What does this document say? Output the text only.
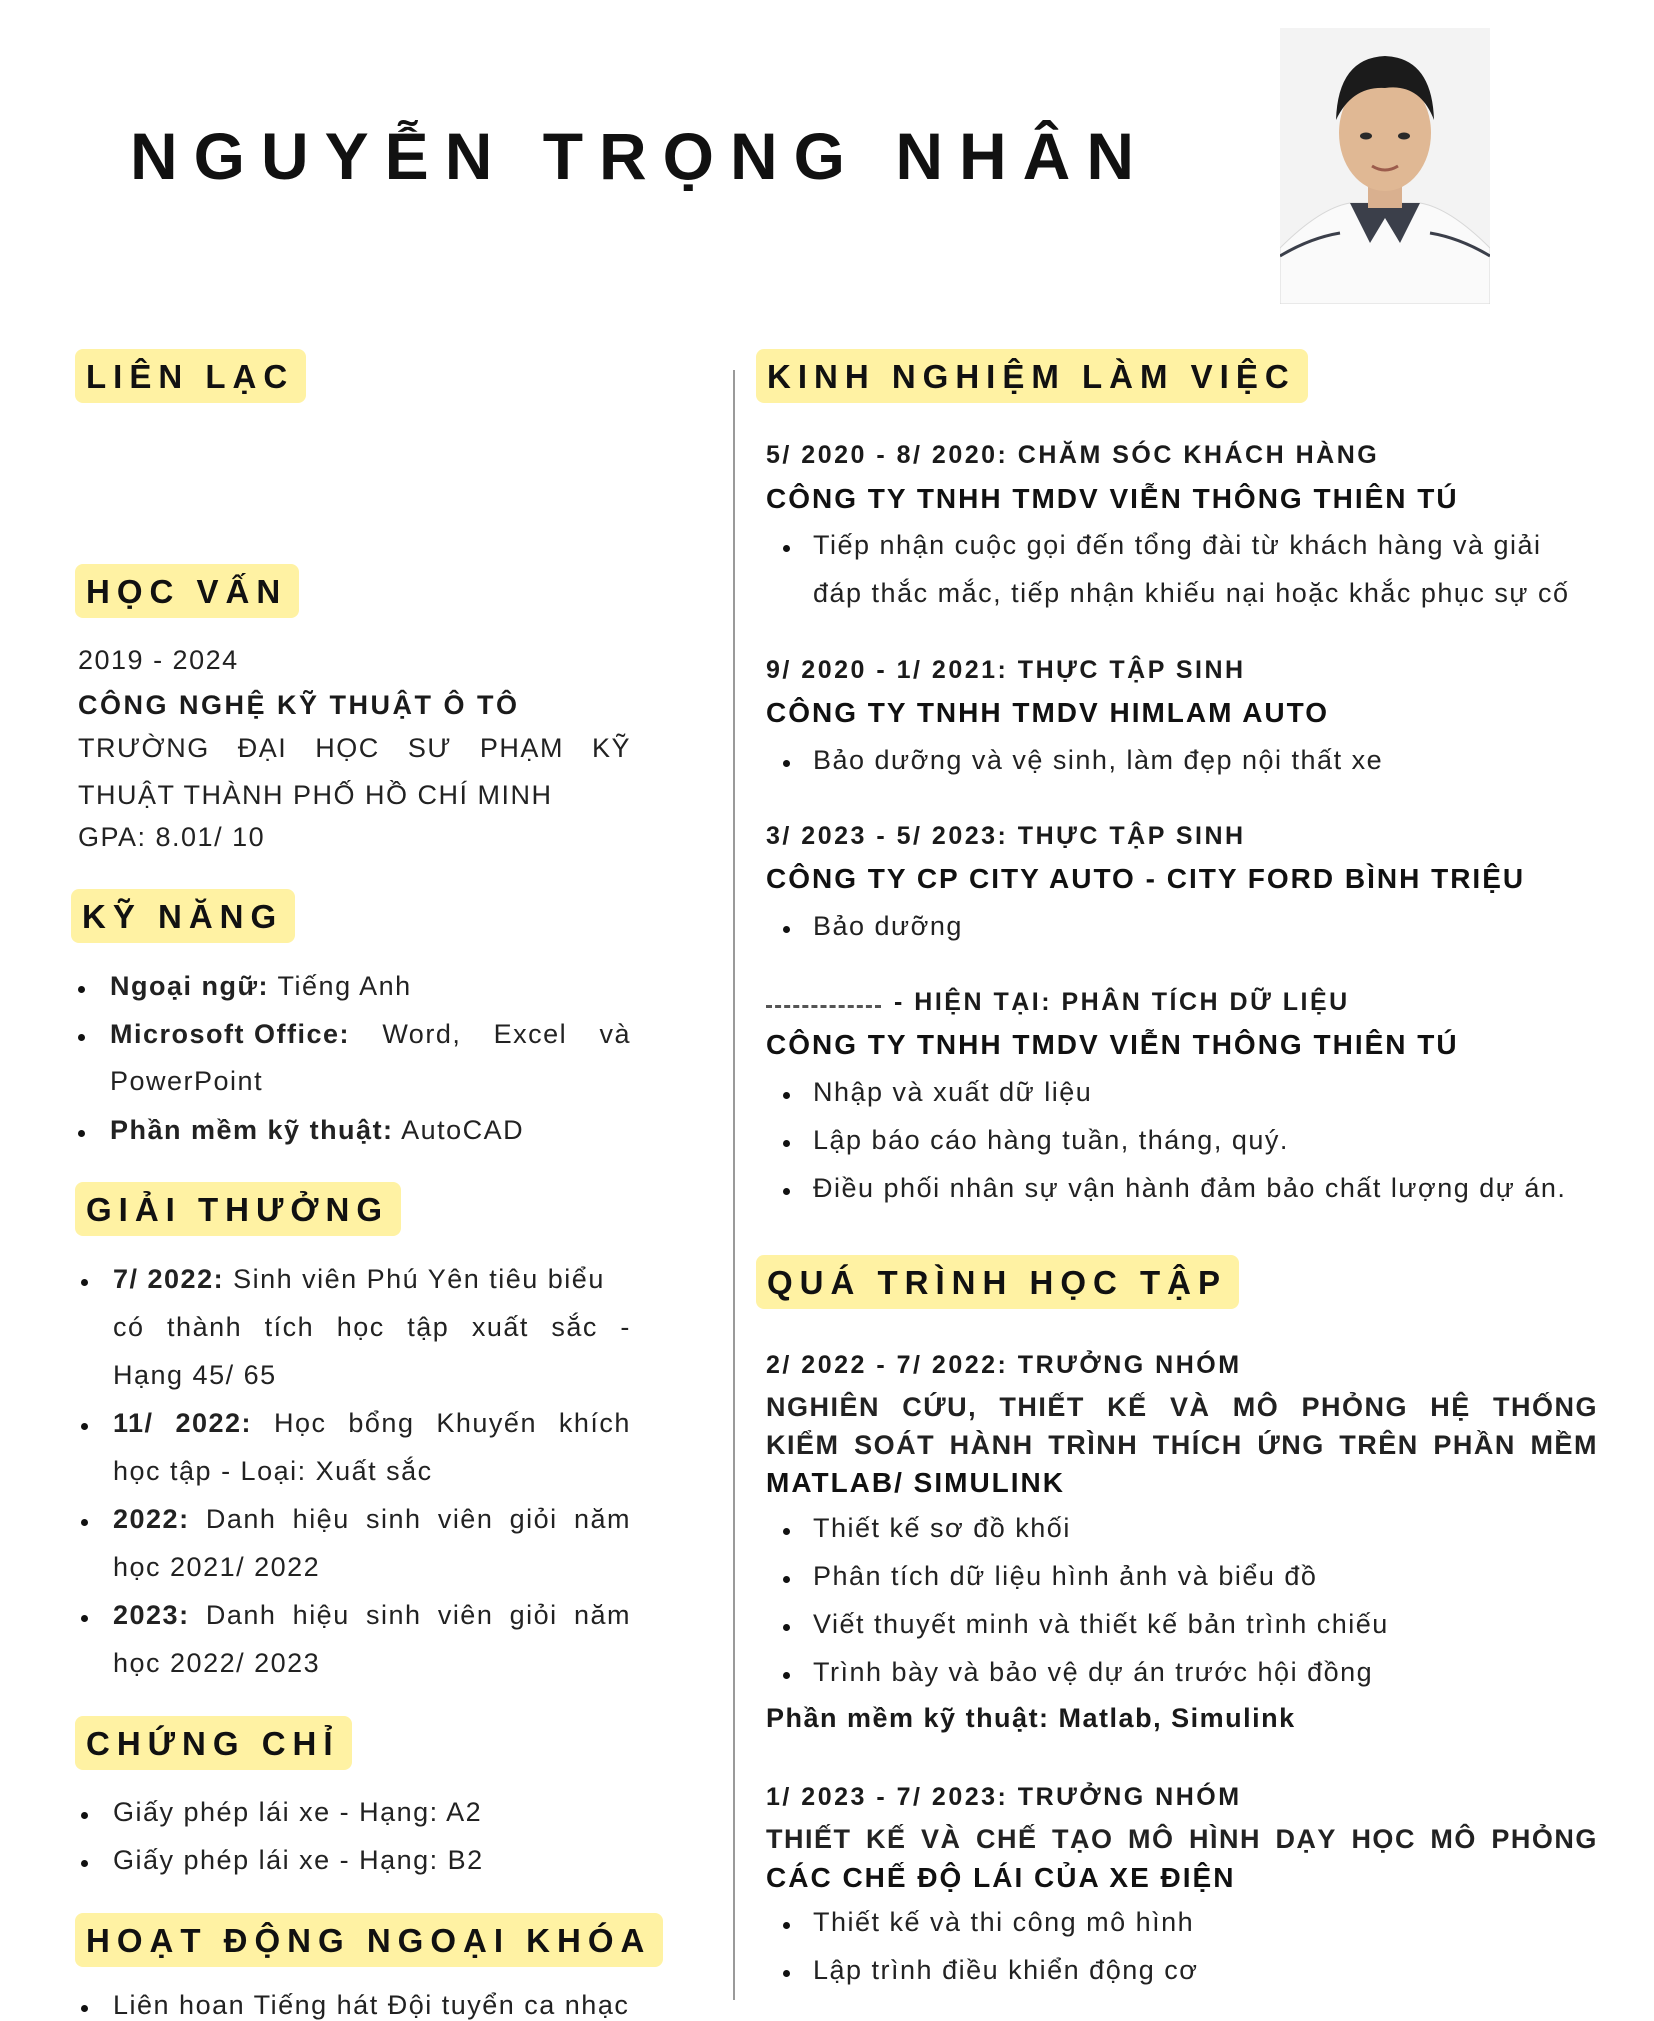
NGUYỄN TRỌNG NHÂN
LIÊN LẠC
HỌC VẤN
2019 - 2024
CÔNG NGHỆ KỸ THUẬT Ô TÔ
TRƯỜNG ĐẠI HỌC SƯ PHẠM KỸ
THUẬT THÀNH PHỐ HỒ CHÍ MINH
GPA: 8.01/ 10
KỸ NĂNG
Ngoại ngữ: Tiếng Anh
Microsoft Office: Word, Excel và
PowerPoint
Phần mềm kỹ thuật: AutoCAD
GIẢI THƯỞNG
7/ 2022: Sinh viên Phú Yên tiêu biểu
có thành tích học tập xuất sắc -
Hạng 45/ 65
11/ 2022: Học bổng Khuyến khích
học tập - Loại: Xuất sắc
2022: Danh hiệu sinh viên giỏi năm
học 2021/ 2022
2023: Danh hiệu sinh viên giỏi năm
học 2022/ 2023
CHỨNG CHỈ
Giấy phép lái xe - Hạng: A2
Giấy phép lái xe - Hạng: B2
HOẠT ĐỘNG NGOẠI KHÓA
Liên hoan Tiếng hát Đội tuyển ca nhạc
KINH NGHIỆM LÀM VIỆC
5/ 2020 - 8/ 2020: CHĂM SÓC KHÁCH HÀNG
CÔNG TY TNHH TMDV VIỄN THÔNG THIÊN TÚ
Tiếp nhận cuộc gọi đến tổng đài từ khách hàng và giải
đáp thắc mắc, tiếp nhận khiếu nại hoặc khắc phục sự cố
9/ 2020 - 1/ 2021: THỰC TẬP SINH
CÔNG TY TNHH TMDV HIMLAM AUTO
Bảo dưỡng và vệ sinh, làm đẹp nội thất xe
3/ 2023 - 5/ 2023: THỰC TẬP SINH
CÔNG TY CP CITY AUTO - CITY FORD BÌNH TRIỆU
Bảo dưỡng
- HIỆN TẠI: PHÂN TÍCH DỮ LIỆU
CÔNG TY TNHH TMDV VIỄN THÔNG THIÊN TÚ
Nhập và xuất dữ liệu
Lập báo cáo hàng tuần, tháng, quý.
Điều phối nhân sự vận hành đảm bảo chất lượng dự án.
QUÁ TRÌNH HỌC TẬP
2/ 2022 - 7/ 2022: TRƯỞNG NHÓM
NGHIÊN CỨU, THIẾT KẾ VÀ MÔ PHỎNG HỆ THỐNG
KIỂM SOÁT HÀNH TRÌNH THÍCH ỨNG TRÊN PHẦN MỀM
MATLAB/ SIMULINK
Thiết kế sơ đồ khối
Phân tích dữ liệu hình ảnh và biểu đồ
Viết thuyết minh và thiết kế bản trình chiếu
Trình bày và bảo vệ dự án trước hội đồng
Phần mềm kỹ thuật: Matlab, Simulink
1/ 2023 - 7/ 2023: TRƯỞNG NHÓM
THIẾT KẾ VÀ CHẾ TẠO MÔ HÌNH DẠY HỌC MÔ PHỎNG
CÁC CHẾ ĐỘ LÁI CỦA XE ĐIỆN
Thiết kế và thi công mô hình
Lập trình điều khiển động cơ
